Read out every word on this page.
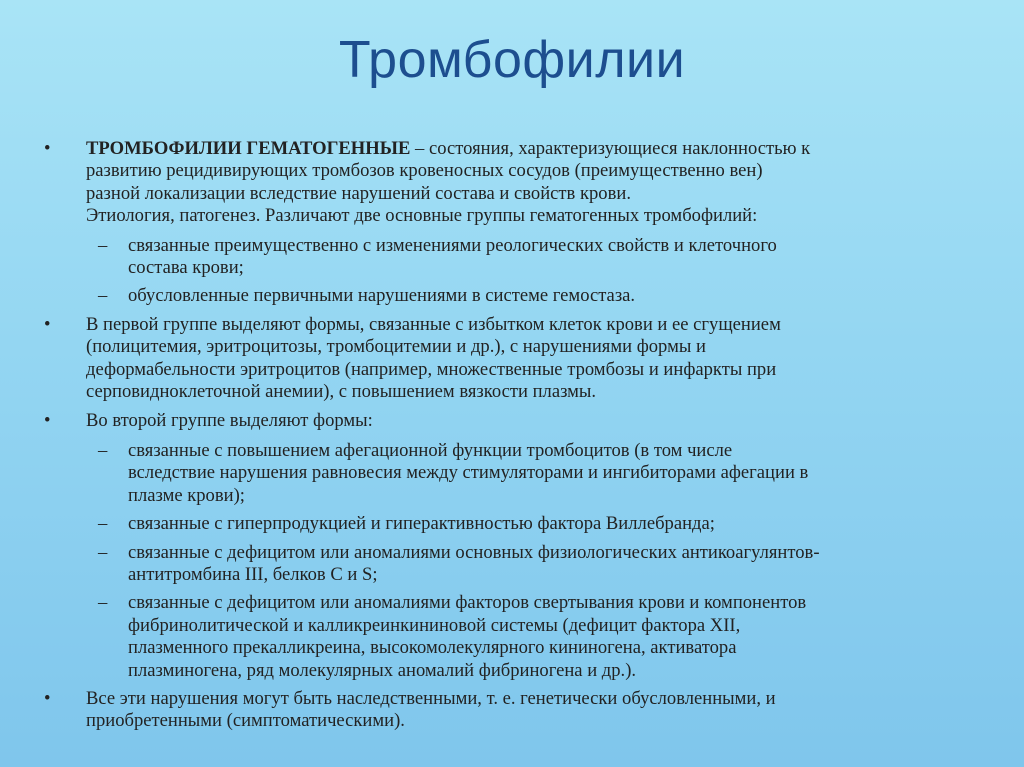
Тромбофилии
• ТРОМБОФИЛИИ ГЕМАТОГЕННЫЕ – состояния, характеризующиеся наклонностью к
развитию рецидивирующих тромбозов кровеносных сосудов (преимущественно вен)
разной локализации вследствие нарушений состава и свойств крови.
Этиология, патогенез. Различают две основные группы гематогенных тромбофилий:
– связанные преимущественно с изменениями реологических свойств и клеточного
состава крови;
– обусловленные первичными нарушениями в системе гемостаза.
• В первой группе выделяют формы, связанные с избытком клеток крови и ее сгущением
(полицитемия, эритроцитозы, тромбоцитемии и др.), с нарушениями формы и
деформабельности эритроцитов (например, множественные тромбозы и инфаркты при
серповидноклеточной анемии), с повышением вязкости плазмы.
• Во второй группе выделяют формы:
– связанные с повышением афегационной функции тромбоцитов (в том числе
вследствие нарушения равновесия между стимуляторами и ингибиторами афегации в
плазме крови);
– связанные с гиперпродукцией и гиперактивностью фактора Виллебранда;
– связанные с дефицитом или аномалиями основных физиологических антикоагулянтов-
антитромбина III, белков С и S;
– связанные с дефицитом или аномалиями факторов свертывания крови и компонентов
фибринолитической и калликреинкининовой системы (дефицит фактора XII,
плазменного прекалликреина, высокомолекулярного кининогена, активатора
плазминогена, ряд молекулярных аномалий фибриногена и др.).
• Все эти нарушения могут быть наследственными, т. е. генетически обусловленными, и
приобретенными (симптоматическими).
